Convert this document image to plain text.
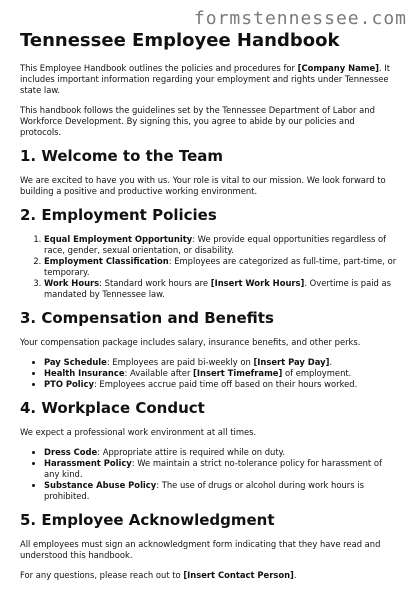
formstennessee.com
Tennessee Employee Handbook

This Employee Handbook outlines the policies and procedures for [Company Name]. It includes important information regarding your employment and rights under Tennessee state law.

This handbook follows the guidelines set by the Tennessee Department of Labor and Workforce Development. By signing this, you agree to abide by our policies and protocols.

1. Welcome to the Team

We are excited to have you with us. Your role is vital to our mission. We look forward to building a positive and productive working environment.

2. Employment Policies
1. Equal Employment Opportunity: We provide equal opportunities regardless of race, gender, sexual orientation, or disability.
2. Employment Classification: Employees are categorized as full-time, part-time, or temporary.
3. Work Hours: Standard work hours are [Insert Work Hours]. Overtime is paid as mandated by Tennessee law.
3. Compensation and Benefits

Your compensation package includes salary, insurance benefits, and other perks.

• Pay Schedule: Employees are paid bi-weekly on [Insert Pay Day].
• Health Insurance: Available after [Insert Timeframe] of employment.
• PTO Policy: Employees accrue paid time off based on their hours worked.
4. Workplace Conduct

We expect a professional work environment at all times.

• Dress Code: Appropriate attire is required while on duty.
• Harassment Policy: We maintain a strict no-tolerance policy for harassment of any kind.
• Substance Abuse Policy: The use of drugs or alcohol during work hours is prohibited.
5. Employee Acknowledgment

All employees must sign an acknowledgment form indicating that they have read and understood this handbook.

For any questions, please reach out to [Insert Contact Person].
